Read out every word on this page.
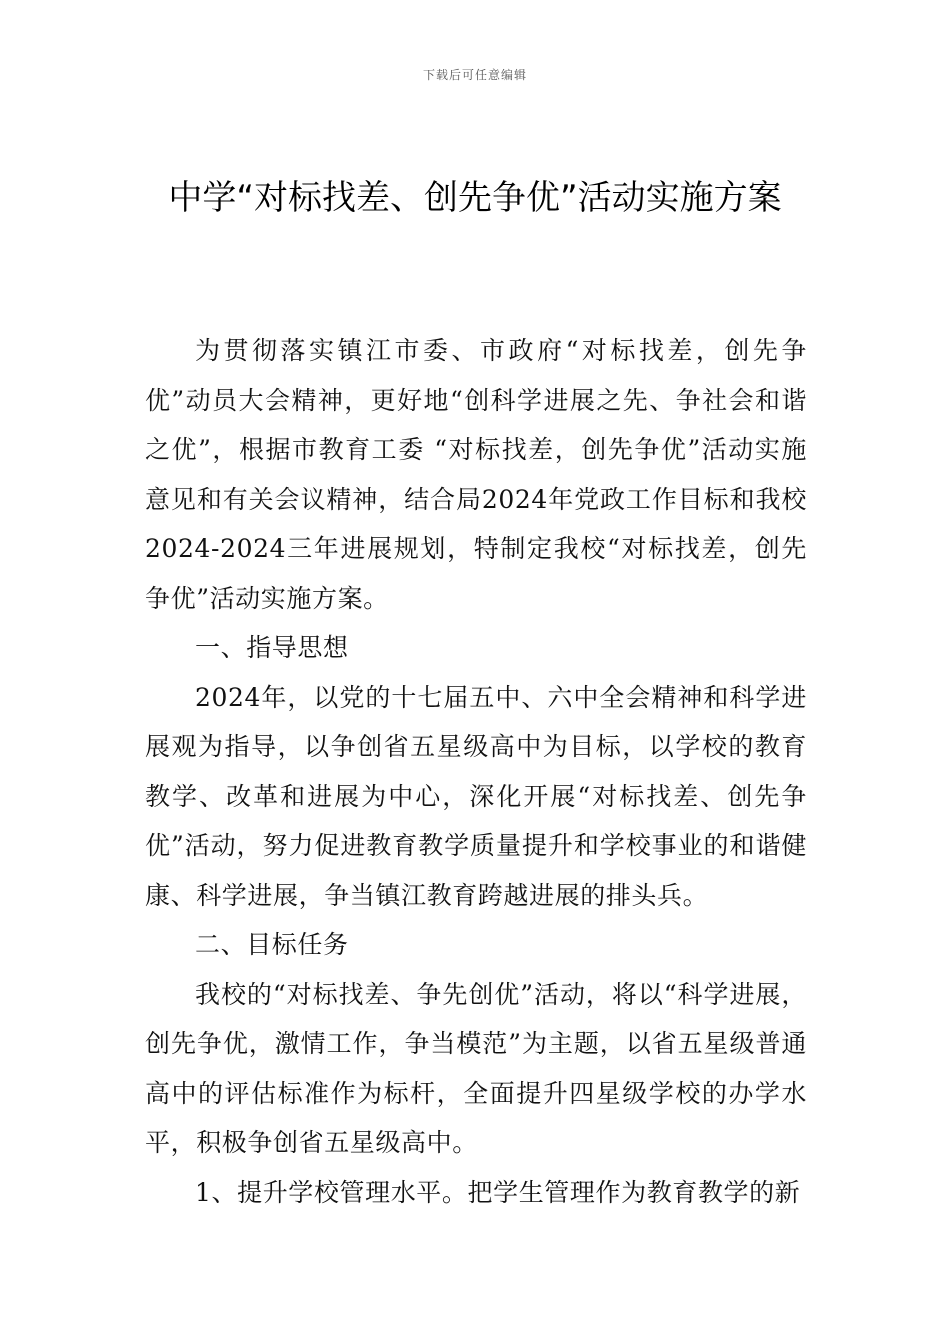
下载后可任意编辑
中学“对标找差、创先争优”活动实施方案

为贯彻落实镇江市委、市政府“对标找差，创先争优”动员大会精神，更好地“创科学进展之先、争社会和谐之优”，根据市教育工委 “对标找差，创先争优”活动实施意见和有关会议精神，结合局2024年党政工作目标和我校2024-2024三年进展规划，特制定我校“对标找差，创先争优”活动实施方案。

一、指导思想

2024年，以党的十七届五中、六中全会精神和科学进展观为指导，以争创省五星级高中为目标，以学校的教育教学、改革和进展为中心，深化开展“对标找差、创先争优”活动，努力促进教育教学质量提升和学校事业的和谐健康、科学进展，争当镇江教育跨越进展的排头兵。

二、目标任务

我校的“对标找差、争先创优”活动，将以“科学进展，创先争优，激情工作，争当模范”为主题，以省五星级普通高中的评估标准作为标杆，全面提升四星级学校的办学水平，积极争创省五星级高中。

1、提升学校管理水平。把学生管理作为教育教学的新
